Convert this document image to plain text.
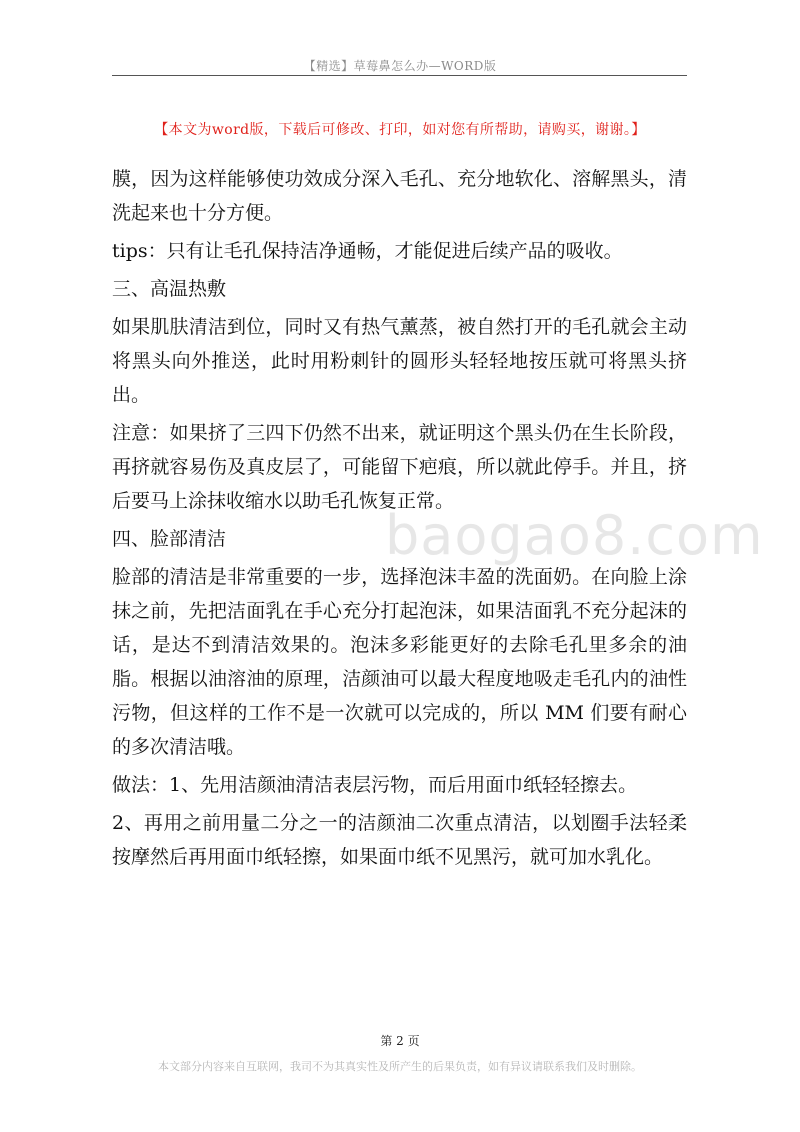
【精选】草莓鼻怎么办—WORD版
【本文为word版，下载后可修改、打印，如对您有所帮助，请购买，谢谢。】

膜，因为这样能够使功效成分深入毛孔、充分地软化、溶解黑头，清洗起来也十分方便。

tips：只有让毛孔保持洁净通畅，才能促进后续产品的吸收。

三、高温热敷

如果肌肤清洁到位，同时又有热气薰蒸，被自然打开的毛孔就会主动将黑头向外推送，此时用粉刺针的圆形头轻轻地按压就可将黑头挤出。

注意：如果挤了三四下仍然不出来，就证明这个黑头仍在生长阶段，再挤就容易伤及真皮层了，可能留下疤痕，所以就此停手。并且，挤后要马上涂抹收缩水以助毛孔恢复正常。

四、脸部清洁

脸部的清洁是非常重要的一步，选择泡沫丰盈的洗面奶。在向脸上涂抹之前，先把洁面乳在手心充分打起泡沫，如果洁面乳不充分起沫的话，是达不到清洁效果的。泡沫多彩能更好的去除毛孔里多余的油脂。根据以油溶油的原理，洁颜油可以最大程度地吸走毛孔内的油性污物，但这样的工作不是一次就可以完成的，所以 MM 们要有耐心的多次清洁哦。

做法：1、先用洁颜油清洁表层污物，而后用面巾纸轻轻擦去。

2、再用之前用量二分之一的洁颜油二次重点清洁，以划圈手法轻柔按摩然后再用面巾纸轻擦，如果面巾纸不见黑污，就可加水乳化。

baogao8.com
第 2 页
本文部分内容来自互联网，我司不为其真实性及所产生的后果负责，如有异议请联系我们及时删除。
